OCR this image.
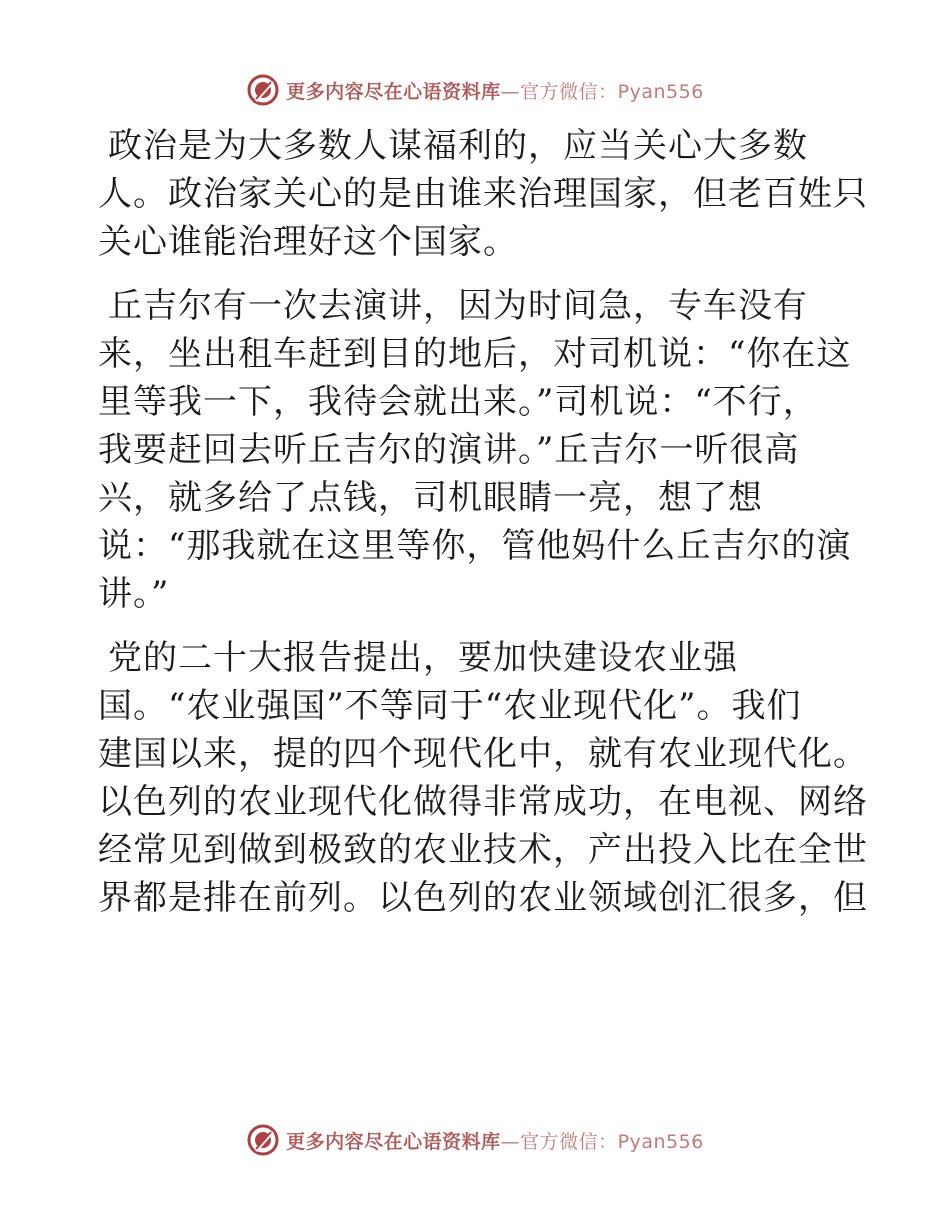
更多内容尽在心语资料库—官方微信：Pyan556
政治是为大多数人谋福利的，应当关心大多数
人。政治家关心的是由谁来治理国家，但老百姓只
关心谁能治理好这个国家。
丘吉尔有一次去演讲，因为时间急，专车没有
来，坐出租车赶到目的地后，对司机说：“你在这
里等我一下，我待会就出来。”司机说：“不行，
我要赶回去听丘吉尔的演讲。”丘吉尔一听很高
兴，就多给了点钱，司机眼睛一亮，想了想
说：“那我就在这里等你，管他妈什么丘吉尔的演
讲。”
党的二十大报告提出，要加快建设农业强
国。“农业强国”不等同于“农业现代化”。我们
建国以来，提的四个现代化中，就有农业现代化。
以色列的农业现代化做得非常成功，在电视、网络
经常见到做到极致的农业技术，产出投入比在全世
界都是排在前列。以色列的农业领域创汇很多，但
更多内容尽在心语资料库—官方微信：Pyan556
